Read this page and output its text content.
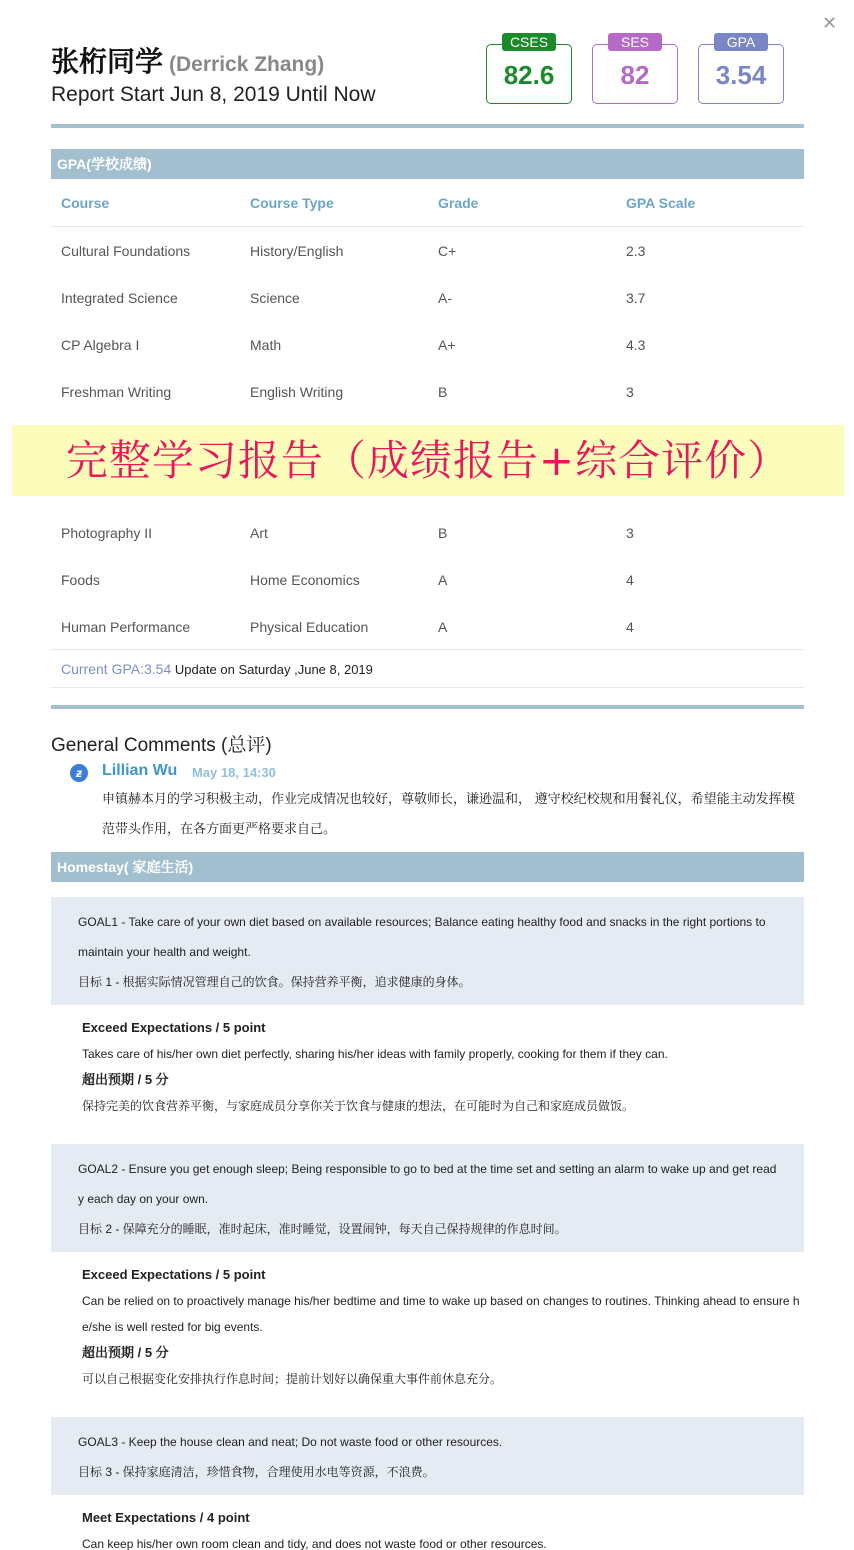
✕
张桁同学 (Derrick Zhang)
Report Start Jun 8, 2019 Until Now
CSES
82.6
SES
82
GPA
3.54
GPA(学校成绩)
Course	Course Type	Grade	GPA Scale
Cultural Foundations	History/English	C+	2.3
Integrated Science	Science	A-	3.7
CP Algebra I	Math	A+	4.3
Freshman Writing	English Writing	B	3
Photography II	Art	B	3
Foods	Home Economics	A	4
Human Performance	Physical Education	A	4
完整学习报告（成绩报告+综合评价）
Current GPA:3.54 Update on Saturday ,June 8, 2019
General Comments (总评)
ƶ	Lillian Wu May 18, 14:30
申镇赫本月的学习积极主动，作业完成情况也较好，尊敬师长，谦逊温和， 遵守校纪校规和用餐礼仪，希望能主动发挥模范带头作用，在各方面更严格要求自己。
Homestay( 家庭生活)
GOAL1 - Take care of your own diet based on available resources; Balance eating healthy food and snacks in the right portions to maintain your health and weight.
目标 1 - 根据实际情况管理自己的饮食。保持营养平衡，追求健康的身体。
Exceed Expectations / 5 point
Takes care of his/her own diet perfectly, sharing his/her ideas with family properly, cooking for them if they can.
超出预期 / 5 分
保持完美的饮食营养平衡，与家庭成员分享你关于饮食与健康的想法，在可能时为自己和家庭成员做饭。
GOAL2 - Ensure you get enough sleep; Being responsible to go to bed at the time set and setting an alarm to wake up and get read y each day on your own.
目标 2 - 保障充分的睡眠，准时起床，准时睡觉，设置闹钟，每天自己保持规律的作息时间。
Exceed Expectations / 5 point
Can be relied on to proactively manage his/her bedtime and time to wake up based on changes to routines. Thinking ahead to ensure h e/she is well rested for big events.
超出预期 / 5 分
可以自己根据变化安排执行作息时间；提前计划好以确保重大事件前休息充分。
GOAL3 - Keep the house clean and neat; Do not waste food or other resources.
目标 3 - 保持家庭清洁，珍惜食物，合理使用水电等资源，不浪费。
Meet Expectations / 4 point
Can keep his/her own room clean and tidy, and does not waste food or other resources.
